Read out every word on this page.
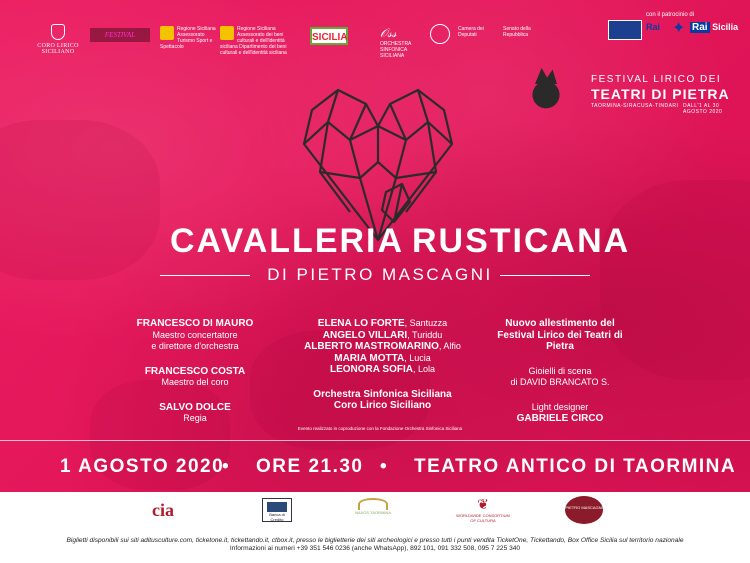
CORO LIRICO SICILIANO
FESTIVAL
Regione Siciliana Assessorato Turismo Sport e Spettacolo
Regione Siciliana Assessorato dei beni culturali e dell'identità siciliana Dipartimento dei beni culturali e dell'identità siciliana
SICILIA	𝒪𝓈𝓈
ORCHESTRA SINFONICA SICILIANA
Camera dei Deputati
Senato della Repubblica
con il patrocinio di
Rai ✦ Rai Sicilia
FESTIVAL LIRICO DEI
TEATRI DI PIETRA
TAORMINA-SIRACUSA-TINDARI DALL'1 AL 30 AGOSTO 2020
CAVALLERIA RUSTICANA
DI PIETRO MASCAGNI
FRANCESCO DI MAURO
Maestro concertatore
e direttore d'orchestra
FRANCESCO COSTA
Maestro del coro
SALVO DOLCE
Regia
ELENA LO FORTE, Santuzza
ANGELO VILLARI, Turiddu
ALBERTO MASTROMARINO, Alfio
MARIA MOTTA, Lucia
LEONORA SOFIA, Lola
Orchestra Sinfonica Siciliana
Coro Lirico Siciliano
Nuovo allestimento del
Festival Lirico dei Teatri di Pietra
Gioielli di scena
di DAVID BRANCATO S.
Light designer
GABRIELE CIRCO
Evento realizzato in coproduzione con la Fondazione Orchestra Sinfonica Siciliana
1 AGOSTO 2020
• ORE 21.30 • TEATRO ANTICO DI TAORMINA
cia	Banca di Credito
NAXOS TAORMINA
❦
WORLDWIDE CONSORTIUM OF CULTURA
PIETRO MASCAGNI
Biglietti disponibili sui siti aditusculture.com, ticketone.it, tickettando.it, ctbox.it, presso le biglietterie dei siti archeologici e presso tutti i punti vendita TicketOne, Tickettando, Box Office Sicilia sul territorio nazionale
Informazioni ai numeri +39 351 546 0236 (anche WhatsApp), 892 101, 091 332 508, 095 7 225 340
